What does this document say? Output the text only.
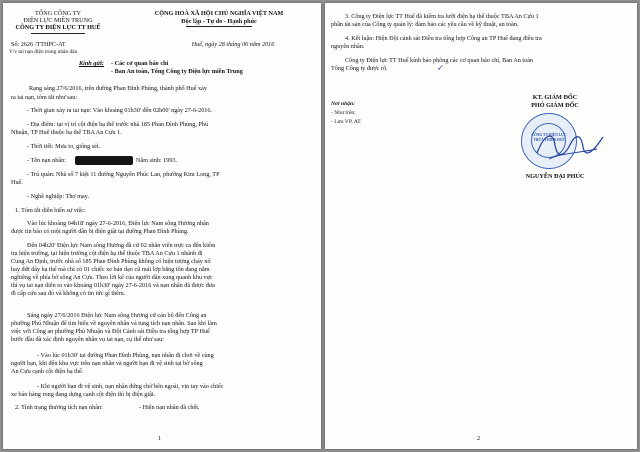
TỔNG CÔNG TY
ĐIỆN LỰC MIỀN TRUNG
CÔNG TY ĐIỆN LỰC TT HUẾ
Số: 2626 /TTHPC-AT
V/v tai nạn điện trong nhân dân
CỘNG HOÀ XÃ HỘI CHỦ NGHĨA VIỆT NAM
Độc lập - Tự do - Hạnh phúc
Huế, ngày 28 tháng 06 năm 2016
Kính gửi: - Các cơ quan báo chí
- Ban An toàn, Tổng Công ty Điện lực miền Trung
Rạng sáng 27/6/2016, trên đường Phan Đình Phùng, thành phố Huế xảy
ra tai nạn, tóm tắt như sau:
- Thời gian xảy ra tai nạn: Vào khoảng 01h30' đến 02h00' ngày 27-6-2016.
- Địa điểm: tại vị trí cột điện hạ thế trước nhà 185 Phan Đình Phùng, Phú
Nhuận, TP Huế thuộc hạ thế TBA An Cựu 1.
- Thời tiết: Mưa to, giông sét.
- Tên nạn nhân:	Năm sinh: 1993.
- Trú quán: Nhà số 7 kiệt 11 đường Nguyễn Phúc Lan, phường Kim Long, TP
Huế.
- Nghề nghiệp: Thợ may.
1. Tóm tắt diễn biến sự việc:
Vào lúc khoảng 04h18' ngày 27-6-2016, Điện lực Nam sông Hương nhận
được tin báo có một người dân bị điện giật tại đường Phan Đình Phùng.
Đến 04h20' Điện lực Nam sông Hương đã cử 02 nhân viên trực ca đến kiểm
tra hiện trường, tại hiện trường cột điện hạ thế thuộc TBA An Cựu 1 nhánh đi
Cung An Định, trước nhà số 185 Phan Đình Phùng không có hiện tượng cháy nổ
hay đứt dây hạ thế mà chỉ có 01 chiếc xe bán dạo cũ mái lợp bằng tôn đang nằm
nghiêng về phía bờ sông An Cựu. Theo lời kể của người dân xung quanh khu vực
thì vụ tai nạn diễn ra vào khoảng 01h30' ngày 27-6-2016 và nạn nhân đã được đưa
đi cấp cứu sau đó và không có tin tức gì thêm.
Sáng ngày 27/6/2016 Điện lực Nam sông Hương cử cán bộ đến Công an
phường Phú Nhuận để tìm hiểu về nguyên nhân và tung tích nạn nhân. Sau khi làm
việc với Công an phường Phú Nhuận và Đội Cảnh sát Điều tra tổng hợp TP Huế
bước đầu đã xác định nguyên nhân vụ tai nạn, cụ thể như sau:
- Vào lúc 01h30' tại đường Phan Đình Phùng, nạn nhân đi chơi về cùng
người bạn, khi đến khu vực trên nạn nhân và người bạn đi vệ sinh tại bờ sông
An Cựu cạnh cột điện hạ thế.
- Khi người bạn đi vệ sinh, nạn nhân đứng chờ bên ngoài, vịn tay vào chiếc
xe bán hàng rong đang dựng cạnh cột điện thì bị điện giật.
2. Tình trạng thương tích nạn nhân:	- Hiện nạn nhân đã chết.
1
3. Công ty Điện lực TT Huế đã kiểm tra lưới điện hạ thế thuộc TBA An Cựu 1
phần tài sản của Công ty quản lý: đảm bảo các yêu cầu về kỹ thuật, an toàn.
4. Kết luận: Hiện Đội cảnh sát Điều tra tổng hợp Công an TP Huế đang điều tra
nguyên nhân.
Công ty Điện lực TT Huế kính báo phòng các cơ quan báo chí, Ban An toàn
Tổng Công ty được rõ.	↙
Nơi nhận:
- Như trên;
- Lưu VP, AT.
KT. GIÁM ĐỐC
PHÓ GIÁM ĐỐC
CÔNG TY ĐIỆN LỰC THỪA THIÊN HUẾ
NGUYỄN ĐẠI PHÚC
2
